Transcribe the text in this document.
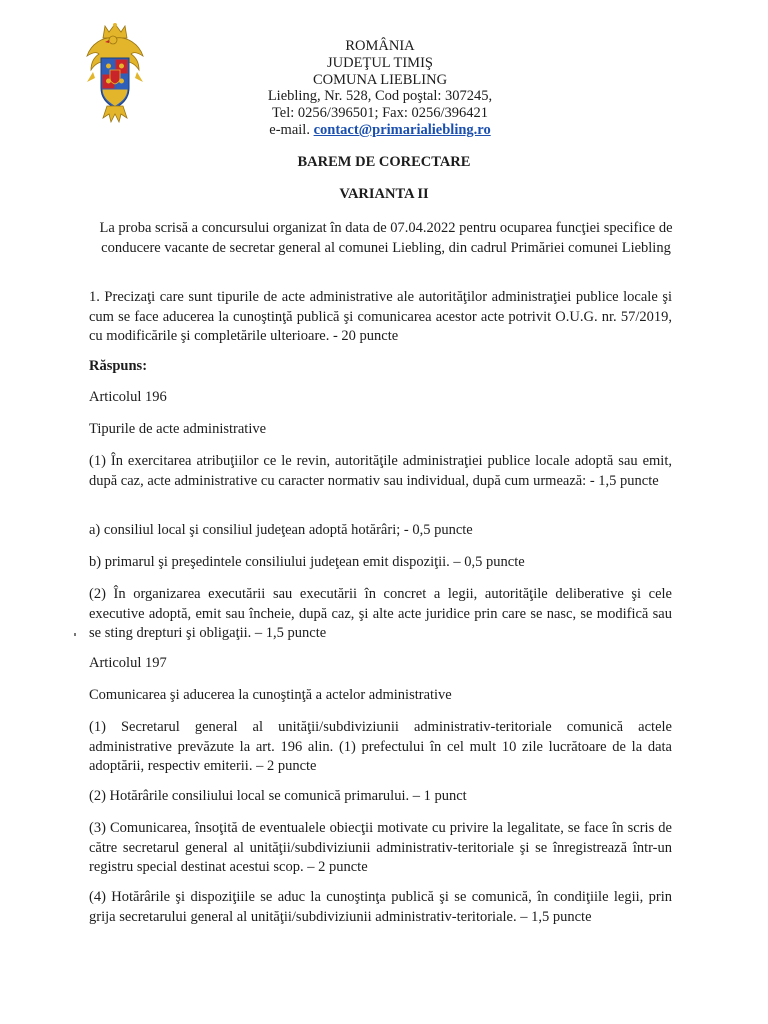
ROMÂNIA
JUDEŢUL TIMIŞ
COMUNA LIEBLING
Liebling, Nr. 528, Cod poştal: 307245,
Tel: 0256/396501; Fax: 0256/396421
e-mail. contact@primarialiebling.ro
BAREM DE CORECTARE
VARIANTA II
La proba scrisă a concursului organizat în data de 07.04.2022 pentru ocuparea funcţiei specifice de conducere vacante de secretar general al comunei Liebling, din cadrul Primăriei comunei Liebling
1. Precizaţi care sunt tipurile de acte administrative ale autorităţilor administraţiei publice locale şi cum se face aducerea la cunoştinţă publică şi comunicarea acestor acte potrivit O.U.G. nr. 57/2019, cu modificările şi completările ulterioare. - 20 puncte
Răspuns:
Articolul 196
Tipurile de acte administrative
(1) În exercitarea atribuţiilor ce le revin, autorităţile administraţiei publice locale adoptă sau emit, după caz, acte administrative cu caracter normativ sau individual, după cum urmează: - 1,5 puncte
a) consiliul local şi consiliul judeţean adoptă hotărâri; - 0,5 puncte
b) primarul şi preşedintele consiliului judeţean emit dispoziţii. – 0,5 puncte
(2) În organizarea executării sau executării în concret a legii, autorităţile deliberative şi cele executive adoptă, emit sau încheie, după caz, şi alte acte juridice prin care se nasc, se modifică sau se sting drepturi şi obligaţii. – 1,5 puncte
Articolul 197
Comunicarea şi aducerea la cunoştinţă a actelor administrative
(1) Secretarul general al unităţii/subdiviziunii administrativ-teritoriale comunică actele administrative prevăzute la art. 196 alin. (1) prefectului în cel mult 10 zile lucrătoare de la data adoptării, respectiv emiterii. – 2 puncte
(2) Hotărârile consiliului local se comunică primarului. – 1 punct
(3) Comunicarea, însoţită de eventualele obiecţii motivate cu privire la legalitate, se face în scris de către secretarul general al unităţii/subdiviziunii administrativ-teritoriale şi se înregistrează într-un registru special destinat acestui scop. – 2 puncte
(4) Hotărârile şi dispoziţiile se aduc la cunoştinţa publică şi se comunică, în condiţiile legii, prin grija secretarului general al unităţii/subdiviziunii administrativ-teritoriale. – 1,5 puncte
